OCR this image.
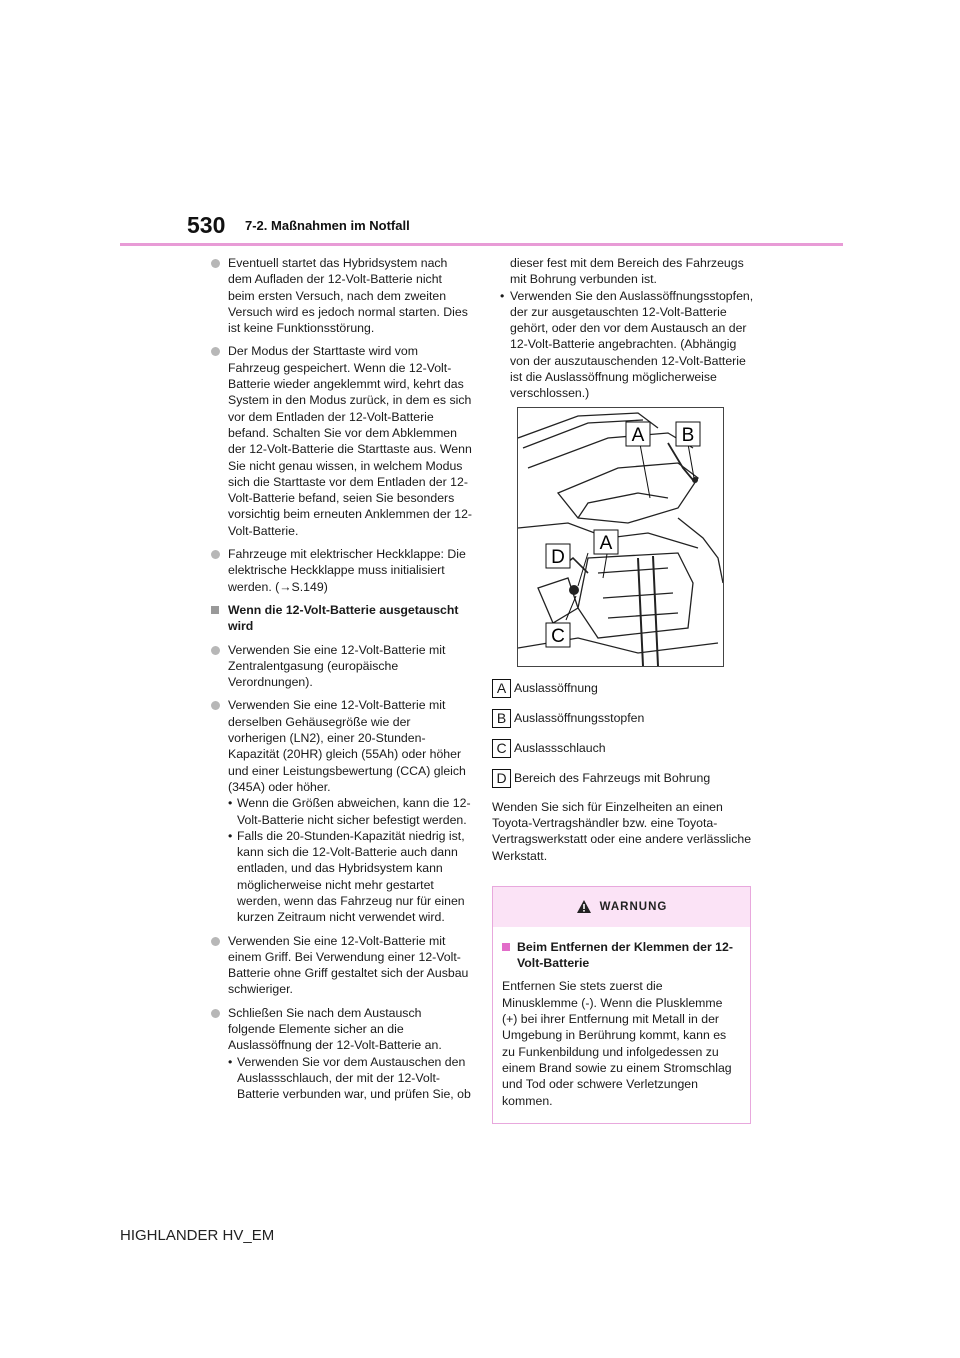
530 7-2. Maßnahmen im Notfall
Eventuell startet das Hybridsystem nach dem Aufladen der 12-Volt-Batterie nicht beim ersten Versuch, nach dem zweiten Versuch wird es jedoch normal starten. Dies ist keine Funktionsstörung.
Der Modus der Starttaste wird vom Fahrzeug gespeichert. Wenn die 12-Volt-Batterie wieder angeklemmt wird, kehrt das System in den Modus zurück, in dem es sich vor dem Entladen der 12-Volt-Batterie befand. Schalten Sie vor dem Abklemmen der 12-Volt-Batterie die Starttaste aus. Wenn Sie nicht genau wissen, in welchem Modus sich die Starttaste vor dem Entladen der 12-Volt-Batterie befand, seien Sie besonders vorsichtig beim erneuten Anklemmen der 12-Volt-Batterie.
Fahrzeuge mit elektrischer Heckklappe: Die elektrische Heckklappe muss initialisiert werden. (→S.149)
Wenn die 12-Volt-Batterie ausgetauscht wird
Verwenden Sie eine 12-Volt-Batterie mit Zentralentgasung (europäische Verordnungen).
Verwenden Sie eine 12-Volt-Batterie mit derselben Gehäusegröße wie der vorherigen (LN2), einer 20-Stunden-Kapazität (20HR) gleich (55Ah) oder höher und einer Leistungsbewertung (CCA) gleich (345A) oder höher.
• Wenn die Größen abweichen, kann die 12-Volt-Batterie nicht sicher befestigt werden.
• Falls die 20-Stunden-Kapazität niedrig ist, kann sich die 12-Volt-Batterie auch dann entladen, und das Hybridsystem kann möglicherweise nicht mehr gestartet werden, wenn das Fahrzeug nur für einen kurzen Zeitraum nicht verwendet wird.
Verwenden Sie eine 12-Volt-Batterie mit einem Griff. Bei Verwendung einer 12-Volt-Batterie ohne Griff gestaltet sich der Ausbau schwieriger.
Schließen Sie nach dem Austausch folgende Elemente sicher an die Auslassöffnung der 12-Volt-Batterie an.
• Verwenden Sie vor dem Austauschen den Auslassschlauch, der mit der 12-Volt-Batterie verbunden war, und prüfen Sie, ob
dieser fest mit dem Bereich des Fahrzeugs mit Bohrung verbunden ist.
• Verwenden Sie den Auslassöffnungsstopfen, der zur ausgetauschten 12-Volt-Batterie gehört, oder den vor dem Austausch an der 12-Volt-Batterie angebrachten. (Abhängig von der auszutauschenden 12-Volt-Batterie ist die Auslassöffnung möglicherweise verschlossen.)
A B
A
D
C
A Auslassöffnung
B Auslassöffnungsstopfen
C Auslassschlauch
D Bereich des Fahrzeugs mit Bohrung

Wenden Sie sich für Einzelheiten an einen Toyota-Vertragshändler bzw. eine Toyota-Vertragswerkstatt oder eine andere verlässliche Werkstatt.

WARNUNG
Beim Entfernen der Klemmen der 12-Volt-Batterie

Entfernen Sie stets zuerst die Minusklemme (-). Wenn die Plusklemme (+) bei ihrer Entfernung mit Metall in der Umgebung in Berührung kommt, kann es zu Funkenbildung und infolgedessen zu einem Brand sowie zu einem Stromschlag und Tod oder schwere Verletzungen kommen.

HIGHLANDER HV_EM
